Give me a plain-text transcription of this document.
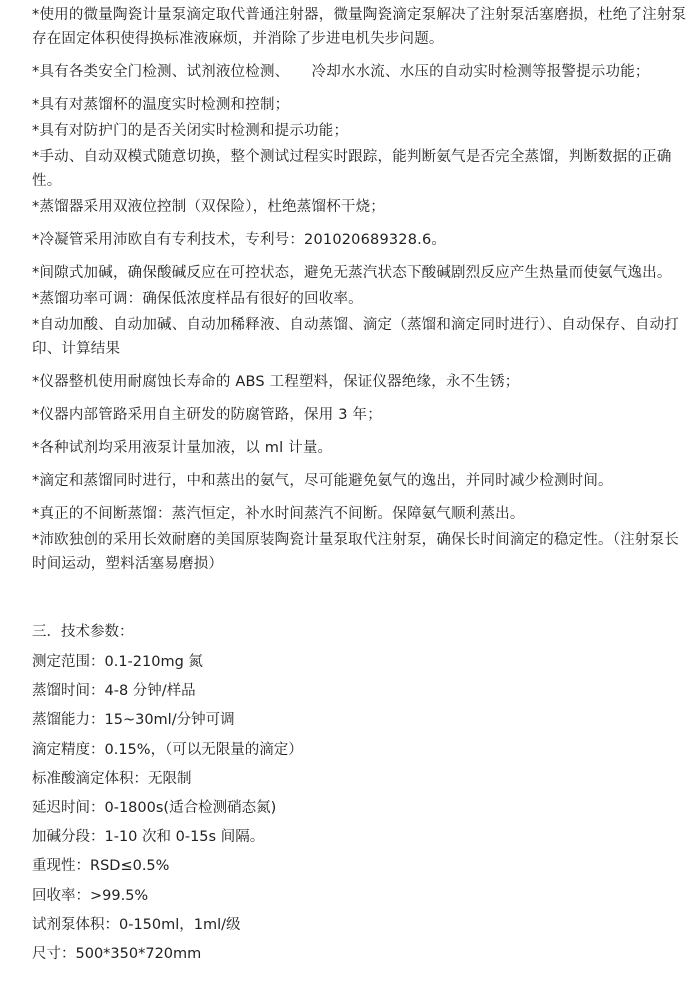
*使用的微量陶瓷计量泵滴定取代普通注射器，微量陶瓷滴定泵解决了注射泵活塞磨损，杜绝了注射泵存在固定体积使得换标准液麻烦，并消除了步进电机失步问题。
*具有各类安全门检测、试剂液位检测、　　冷却水水流、水压的自动实时检测等报警提示功能；
*具有对蒸馏杯的温度实时检测和控制；
*具有对防护门的是否关闭实时检测和提示功能；
*手动、自动双模式随意切换，整个测试过程实时跟踪，能判断氨气是否完全蒸馏，判断数据的正确性。
*蒸馏器采用双液位控制（双保险），杜绝蒸馏杯干烧；
*冷凝管采用沛欧自有专利技术，专利号：201020689328.6。
*间隙式加碱，确保酸碱反应在可控状态，避免无蒸汽状态下酸碱剧烈反应产生热量而使氨气逸出。
*蒸馏功率可调：确保低浓度样品有很好的回收率。
*自动加酸、自动加碱、自动加稀释液、自动蒸馏、滴定（蒸馏和滴定同时进行）、自动保存、自动打印、计算结果
*仪器整机使用耐腐蚀长寿命的 ABS 工程塑料，保证仪器绝缘，永不生锈；
*仪器内部管路采用自主研发的防腐管路，保用 3 年；
*各种试剂均采用液泵计量加液，以 ml 计量。
*滴定和蒸馏同时进行，中和蒸出的氨气，尽可能避免氨气的逸出，并同时减少检测时间。
*真正的不间断蒸馏：蒸汽恒定，补水时间蒸汽不间断。保障氨气顺利蒸出。
*沛欧独创的采用长效耐磨的美国原装陶瓷计量泵取代注射泵，确保长时间滴定的稳定性。（注射泵长时间运动，塑料活塞易磨损）
三．技术参数：
测定范围：0.1-210mg 氮
蒸馏时间：4-8 分钟/样品
蒸馏能力：15~30ml/分钟可调
滴定精度：0.15%，（可以无限量的滴定）
标准酸滴定体积：无限制
延迟时间：0-1800s(适合检测硝态氮)
加碱分段：1-10 次和 0-15s 间隔。
重现性：RSD≤0.5%
回收率：>99.5%
试剂泵体积：0-150ml，1ml/级
尺寸：500*350*720mm
